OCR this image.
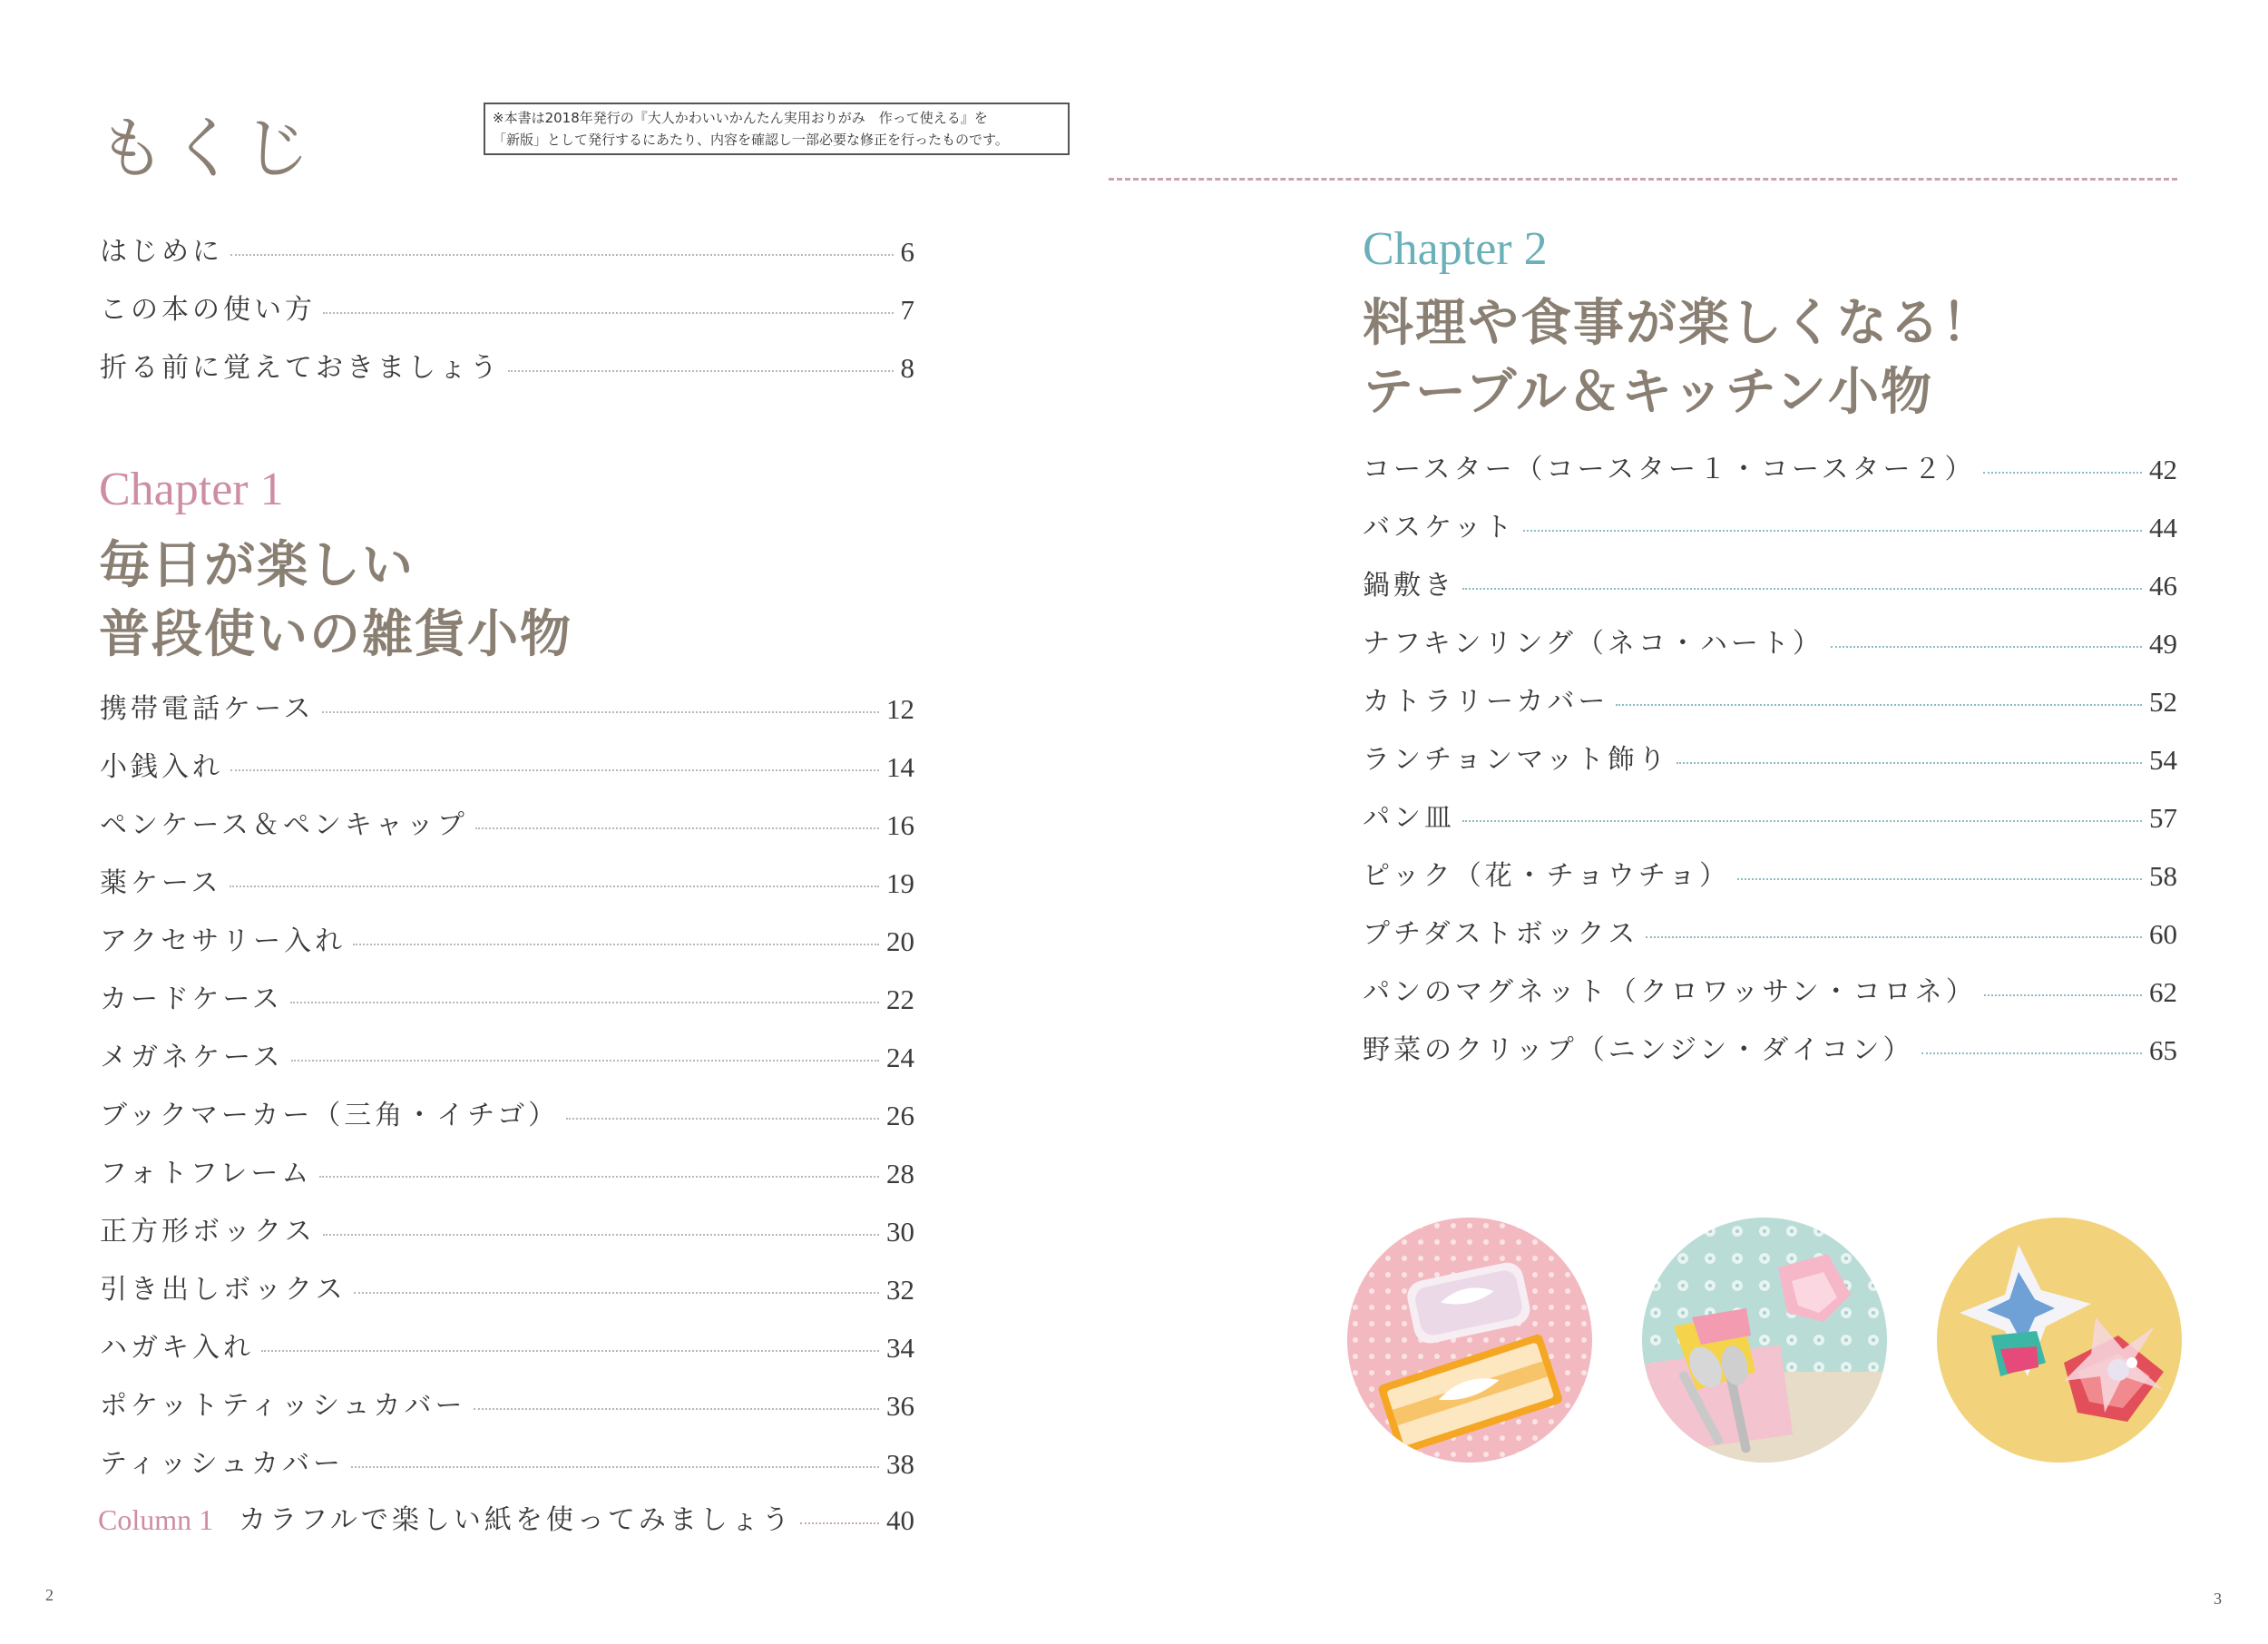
もくじ	※本書は2018年発行の『大人かわいいかんたん実用おりがみ　作って使える』を
「新版」として発行するにあたり、内容を確認し一部必要な修正を行ったものです。
はじめに	6
この本の使い方	7
折る前に覚えておきましょう	8
Chapter 1
毎日が楽しい
普段使いの雑貨小物
携帯電話ケース	12
小銭入れ	14
ペンケース＆ペンキャップ	16
薬ケース	19
アクセサリー入れ	20
カードケース	22
メガネケース	24
ブックマーカー（三角・イチゴ）	26
フォトフレーム	28
正方形ボックス	30
引き出しボックス	32
ハガキ入れ	34
ポケットティッシュカバー	36
ティッシュカバー	38
Column 1 カラフルで楽しい紙を使ってみましょう	40
Chapter 2
料理や食事が楽しくなる！
テーブル＆キッチン小物
コースター（コースター１・コースター２）	42
バスケット	44
鍋敷き	46
ナフキンリング（ネコ・ハート）	49
カトラリーカバー	52
ランチョンマット飾り	54
パン皿	57
ピック（花・チョウチョ）	58
プチダストボックス	60
パンのマグネット（クロワッサン・コロネ）	62
野菜のクリップ（ニンジン・ダイコン）	65
2	3
